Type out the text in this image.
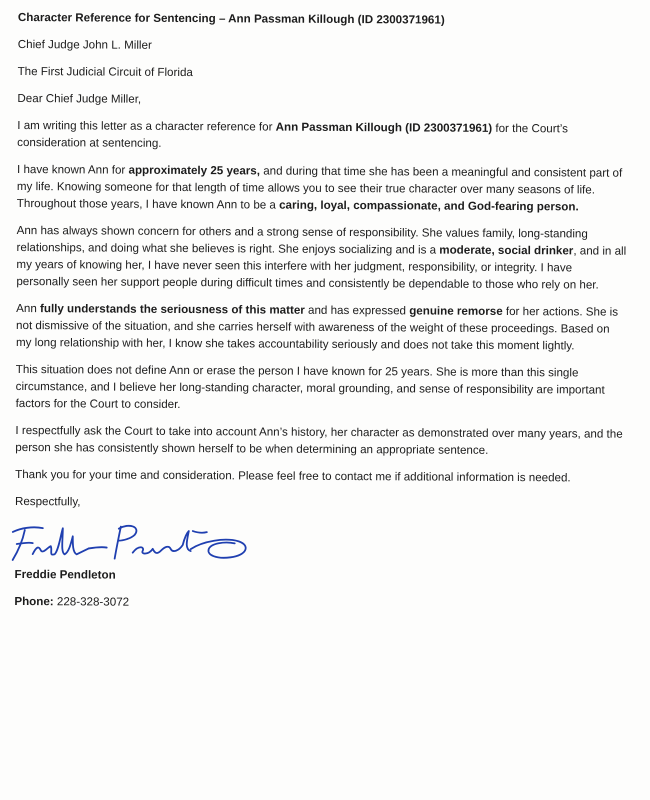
Character Reference for Sentencing – Ann Passman Killough (ID 2300371961)

Chief Judge John L. Miller

The First Judicial Circuit of Florida

Dear Chief Judge Miller,

I am writing this letter as a character reference for Ann Passman Killough (ID 2300371961) for the Court’s consideration at sentencing.

I have known Ann for approximately 25 years, and during that time she has been a meaningful and consistent part of my life. Knowing someone for that length of time allows you to see their true character over many seasons of life. Throughout those years, I have known Ann to be a caring, loyal, compassionate, and God-fearing person.

Ann has always shown concern for others and a strong sense of responsibility. She values family, long-standing relationships, and doing what she believes is right. She enjoys socializing and is a moderate, social drinker, and in all my years of knowing her, I have never seen this interfere with her judgment, responsibility, or integrity. I have personally seen her support people during difficult times and consistently be dependable to those who rely on her.

Ann fully understands the seriousness of this matter and has expressed genuine remorse for her actions. She is not dismissive of the situation, and she carries herself with awareness of the weight of these proceedings. Based on my long relationship with her, I know she takes accountability seriously and does not take this moment lightly.

This situation does not define Ann or erase the person I have known for 25 years. She is more than this single circumstance, and I believe her long-standing character, moral grounding, and sense of responsibility are important factors for the Court to consider.

I respectfully ask the Court to take into account Ann’s history, her character as demonstrated over many years, and the person she has consistently shown herself to be when determining an appropriate sentence.

Thank you for your time and consideration. Please feel free to contact me if additional information is needed.

Respectfully,

Freddie Pendleton

Phone: 228-328-3072
